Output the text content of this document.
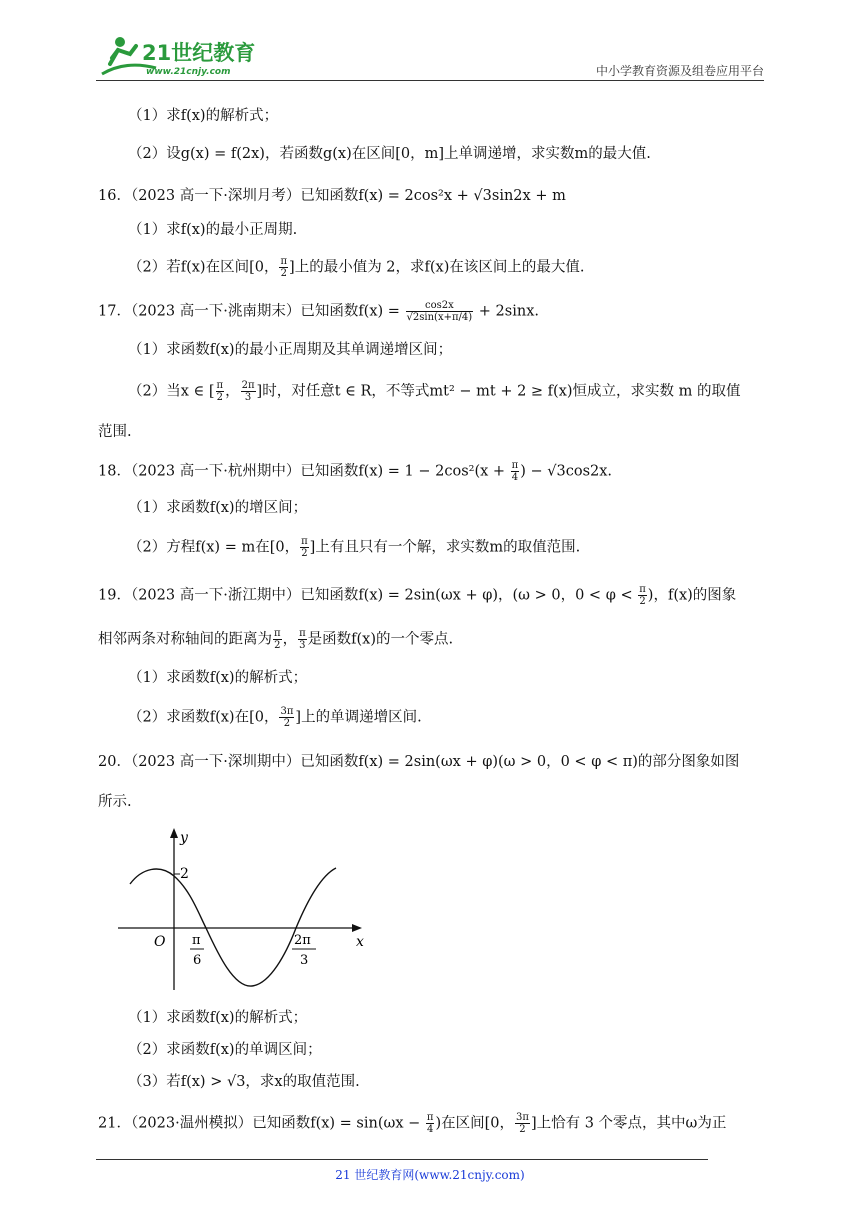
21世纪教育
www.21cnjy.com	中小学教育资源及组卷应用平台
（1）求f(x)的解析式；
（2）设g(x) = f(2x)，若函数g(x)在区间[0，m]上单调递增，求实数m的最大值.
16．（2023 高一下·深圳月考）已知函数f(x) = 2cos²x + √3sin2x + m
（1）求f(x)的最小正周期.
（2）若f(x)在区间[0， $\frac{\pi}{2}$ ]上的最小值为 2，求f(x)在该区间上的最大值.
17．（2023 高一下·洮南期末）已知函数$f(x) = \frac{\cos 2x}{√2\sin(x+\pi/4)} + 2\sin x$.
（1）求函数f(x)的最小正周期及其单调递增区间；
（2）当x ∈ [ $\frac{\pi}{2}$ ， $\frac{2\pi}{3}$ ]时，对任意t ∈ R，不等式mt² − mt + 2 ≥ f(x)恒成立，求实数 m 的取值
范围.
18．（2023 高一下·杭州期中）已知函数$f(x) = 1 - 2\cos^2(x + \frac{\pi}{4}$ ) − √3cos2x.
（1）求函数f(x)的增区间；
（2）方程f(x) = m在[0， $\frac{\pi}{2}$ ]上有且只有一个解，求实数m的取值范围.
19．（2023 高一下·浙江期中）已知函数f(x) = 2sin(ωx + φ)，(ω > 0，$0 < \varphi < \frac{\pi}{2}$ )，f(x)的图象
相邻两条对称轴间的距离为 $\frac{\pi}{2}$ ， $\frac{\pi}{3}$ 是函数f(x)的一个零点.
（1）求函数f(x)的解析式；
（2）求函数f(x)在[0， $\frac{3\pi}{2}$ ]上的单调递增区间.
20．（2023 高一下·深圳期中）已知函数f(x) = 2sin(ωx + φ)(ω > 0，0 < φ < π)的部分图象如图
所示.
y
x
O
2
π
6
2π
3
（1）求函数f(x)的解析式；
（2）求函数f(x)的单调区间；
（3）若f(x) > √3，求x的取值范围.
21．（2023·温州模拟）已知函数$f(x) = \sin(\omega x - \frac{\pi}{4}$ )在区间[0， $\frac{3\pi}{2}$ ]上恰有 3 个零点，其中ω为正
21 世纪教育网(www.21cnjy.com)
